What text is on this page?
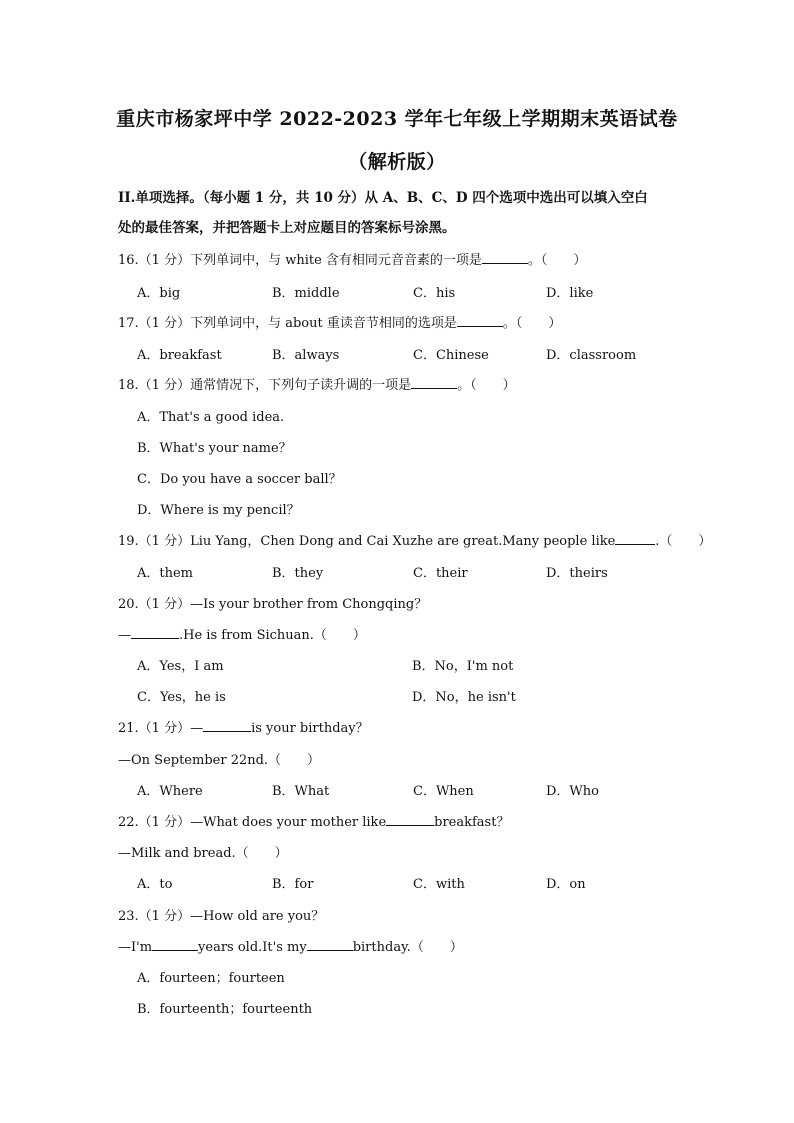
重庆市杨家坪中学 2022-2023 学年七年级上学期期末英语试卷
（解析版）
II.单项选择。（每小题 1 分，共 10 分）从 A、B、C、D 四个选项中选出可以填入空白
处的最佳答案，并把答题卡上对应题目的答案标号涂黑。
16.（1 分）下列单词中，与 white 含有相同元音音素的一项是	。（　　）
A．big	B．middle	C．his	D．like
17.（1 分）下列单词中，与 about 重读音节相同的选项是	。（　　）
A．breakfast	B．always	C．Chinese	D．classroom
18.（1 分）通常情况下，下列句子读升调的一项是	。（　　）
A．That's a good idea.
B．What's your name？
C．Do you have a soccer ball？
D．Where is my pencil？
19.（1 分）Liu Yang，Chen Dong and Cai Xuzhe are great.Many people like	.（　　）
A．them	B．they	C．their	D．theirs
20.（1 分）—Is your brother from Chongqing？
—	.He is from Sichuan.（　　）
A．Yes，I am	B．No，I'm not
C．Yes，he is	D．No，he isn't
21.（1 分）—	is your birthday？
—On September 22nd.（　　）
A．Where	B．What	C．When	D．Who
22.（1 分）—What does your mother like	breakfast？
—Milk and bread.（　　）
A．to	B．for	C．with	D．on
23.（1 分）—How old are you？
—I'm	years old.It's my	birthday.（　　）
A．fourteen；fourteen
B．fourteenth；fourteenth
